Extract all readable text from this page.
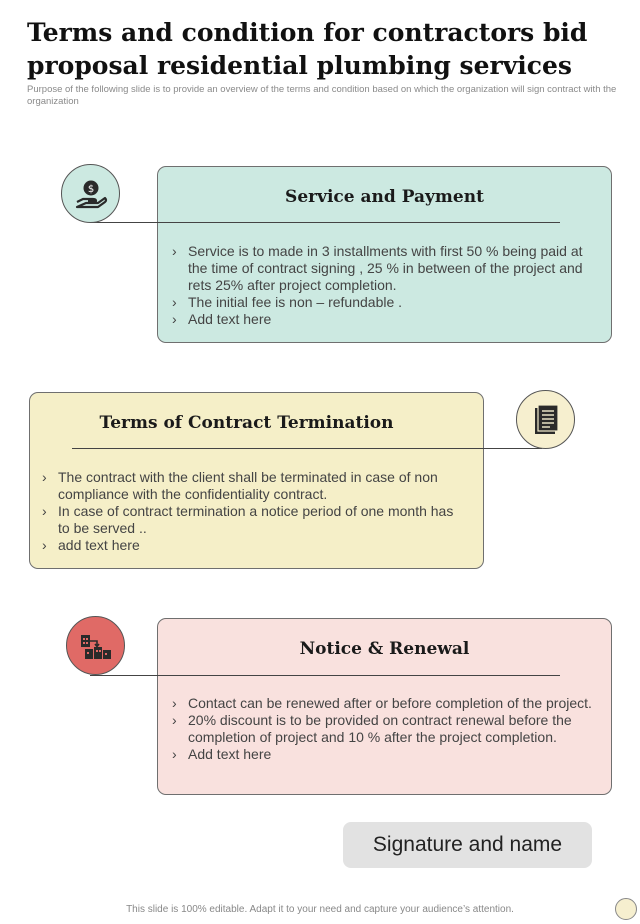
Terms and condition for contractors bid proposal residential plumbing services

Purpose of the following slide is to provide an overview of the terms and condition based on which the organization will sign contract with the organization

Service and Payment
› Service is to made in 3 installments with first 50 % being paid at the time of contract signing , 25 % in between of the project and rets 25% after project completion.
› The initial fee is non – refundable .
› Add text here
$
Terms of Contract Termination
› The contract with the client shall be terminated in case of non compliance with the confidentiality contract.
› In case of contract termination a notice period of one month has to be served ..
› add text here
Notice & Renewal
› Contact can be renewed after or before completion of the project.
› 20% discount is to be provided on contract renewal before the completion of project and 10 % after the project completion.
› Add text here
Signature and name
This slide is 100% editable. Adapt it to your need and capture your audience’s attention.
